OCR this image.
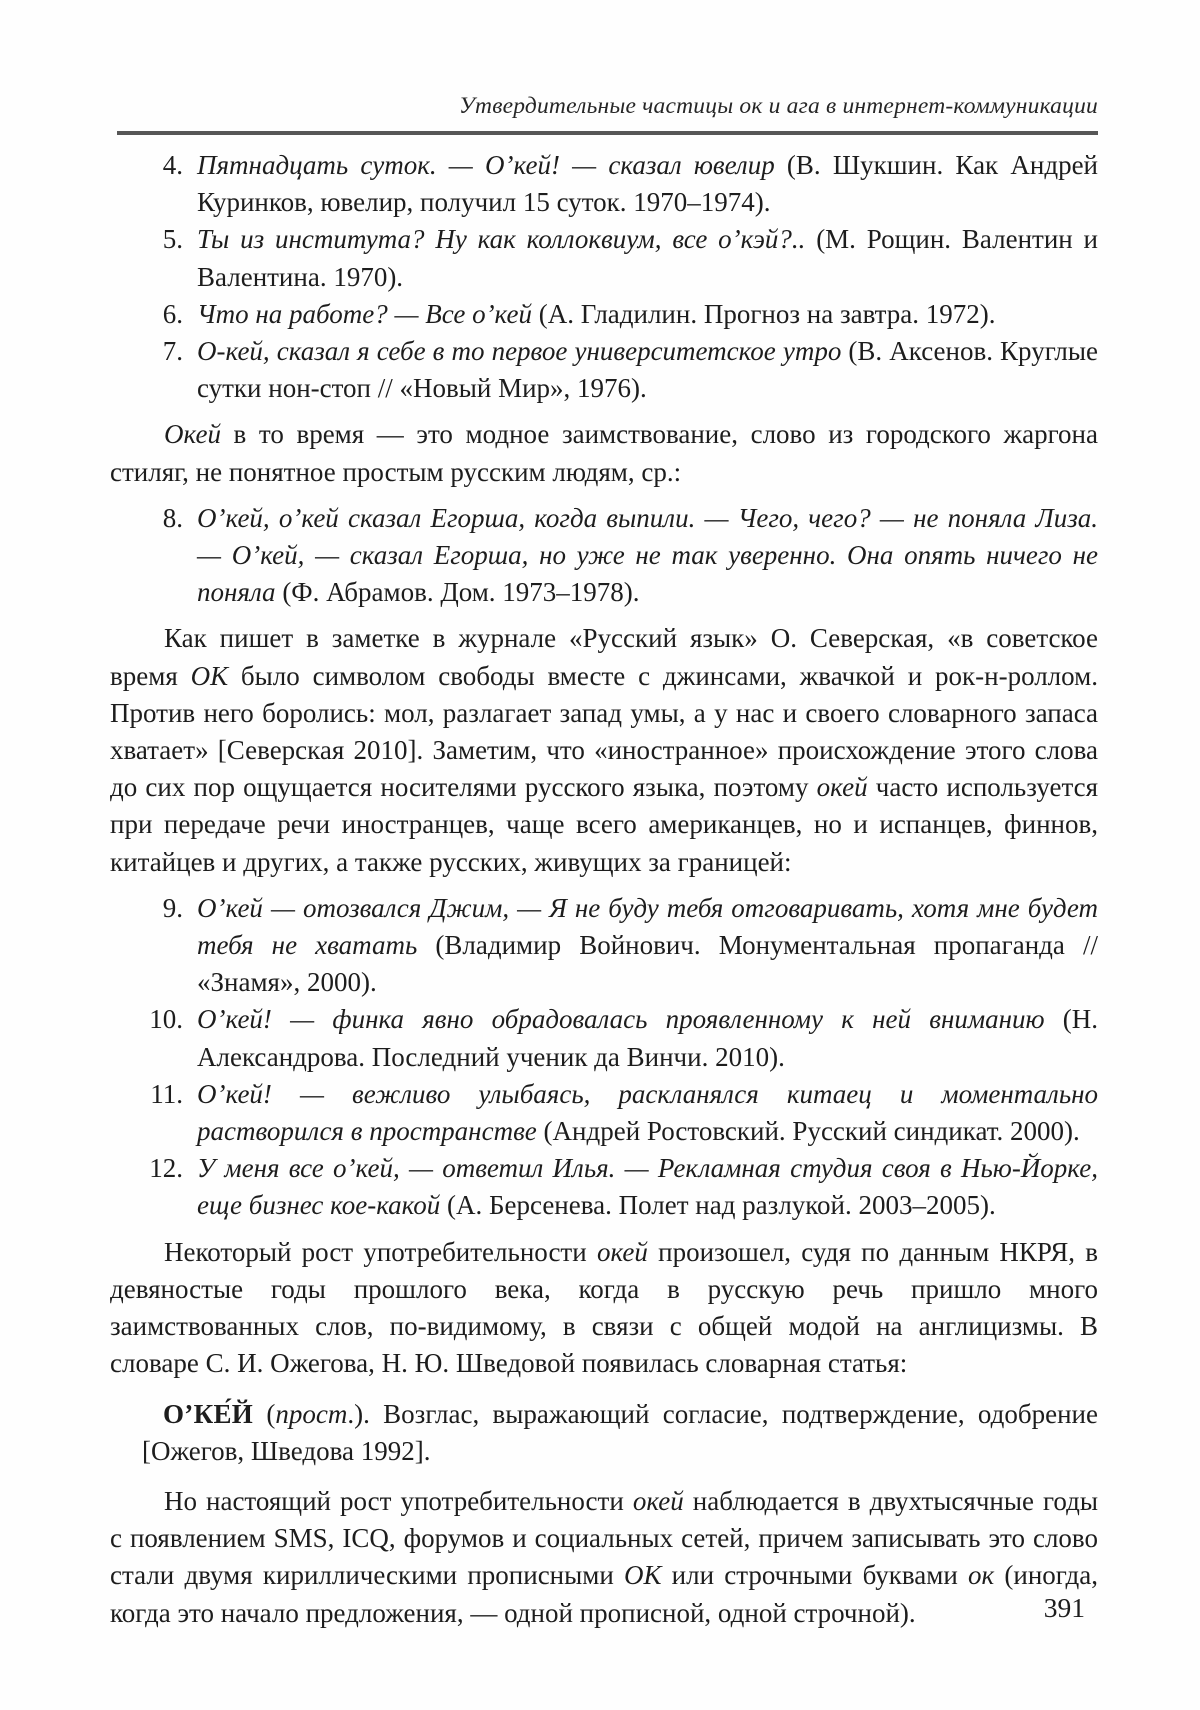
Утвердительные частицы ок и ага в интернет-коммуникации
4. Пятнадцать суток. — О’кей! — сказал ювелир (В. Шукшин. Как Андрей Куринков, ювелир, получил 15 суток. 1970–1974).
5. Ты из института? Ну как коллоквиум, все о’кэй?.. (М. Рощин. Валентин и Валентина. 1970).
6. Что на работе? — Все о’кей (А. Гладилин. Прогноз на завтра. 1972).
7. О-кей, сказал я себе в то первое университетское утро (В. Аксенов. Круглые сутки нон-стоп // «Новый Мир», 1976).
Окей в то время — это модное заимствование, слово из городского жаргона стиляг, не понятное простым русским людям, ср.:
8. О’кей, о’кей сказал Егорша, когда выпили. — Чего, чего? — не поняла Лиза. — О’кей, — сказал Егорша, но уже не так уверенно. Она опять ничего не поняла (Ф. Абрамов. Дом. 1973–1978).
Как пишет в заметке в журнале «Русский язык» О. Северская, «в советское время ОК было символом свободы вместе с джинсами, жвачкой и рок-н-роллом. Против него боролись: мол, разлагает запад умы, а у нас и своего словарного запаса хватает» [Северская 2010]. Заметим, что «иностранное» происхождение этого слова до сих пор ощущается носителями русского языка, поэтому окей часто используется при передаче речи иностранцев, чаще всего американцев, но и испанцев, финнов, китайцев и других, а также русских, живущих за границей:
9. О’кей — отозвался Джим, — Я не буду тебя отговаривать, хотя мне будет тебя не хватать (Владимир Войнович. Монументальная пропаганда // «Знамя», 2000).
10. О’кей! — финка явно обрадовалась проявленному к ней вниманию (Н. Александрова. Последний ученик да Винчи. 2010).
11. О’кей! — вежливо улыбаясь, раскланялся китаец и моментально растворился в пространстве (Андрей Ростовский. Русский синдикат. 2000).
12. У меня все о’кей, — ответил Илья. — Рекламная студия своя в Нью-Йорке, еще бизнес кое-какой (А. Берсенева. Полет над разлукой. 2003–2005).
Некоторый рост употребительности окей произошел, судя по данным НКРЯ, в девяностые годы прошлого века, когда в русскую речь пришло много заимствованных слов, по-видимому, в связи с общей модой на англицизмы. В словаре С. И. Ожегова, Н. Ю. Шведовой появилась словарная статья:
О’КЕ́Й (прост.). Возглас, выражающий согласие, подтверждение, одобрение [Ожегов, Шведова 1992].
Но настоящий рост употребительности окей наблюдается в двухтысячные годы с появлением SMS, ICQ, форумов и социальных сетей, причем записывать это слово стали двумя кириллическими прописными ОК или строчными буквами ок (иногда, когда это начало предложения, — одной прописной, одной строчной).	391
